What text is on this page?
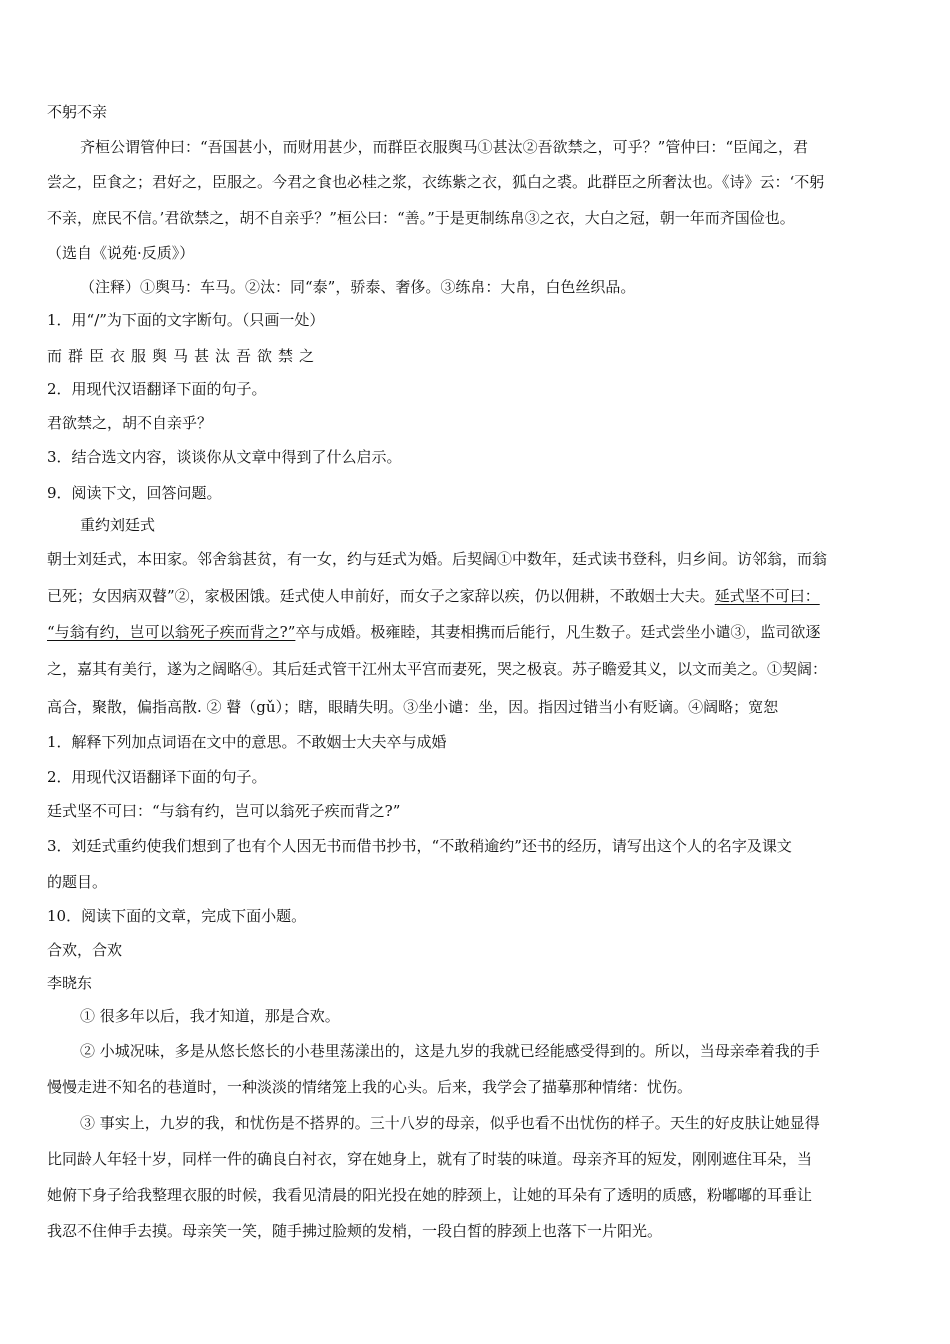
不躬不亲
齐桓公谓管仲曰：“吾国甚小，而财用甚少，而群臣衣服舆马①甚汰②吾欲禁之，可乎？”管仲曰：“臣闻之，君
尝之，臣食之；君好之，臣服之。今君之食也必桂之浆，衣练紫之衣，狐白之裘。此群臣之所奢汰也。《诗》云：‘不躬
不亲，庶民不信。’君欲禁之，胡不自亲乎？”桓公曰：“善。”于是更制练帛③之衣，大白之冠，朝一年而齐国俭也。
（选自《说苑·反质》）
（注释）①舆马：车马。②汰：同“泰”，骄泰、奢侈。③练帛：大帛，白色丝织品。
1．用“/”为下面的文字断句。（只画一处）
而群臣衣服舆马甚汰吾欲禁之
2．用现代汉语翻译下面的句子。
君欲禁之，胡不自亲乎？
3．结合选文内容，谈谈你从文章中得到了什么启示。
9．阅读下文，回答问题。
重约刘廷式
朝士刘廷式，本田家。邻舍翁甚贫，有一女，约与廷式为婚。后契阔①中数年，廷式读书登科，归乡间。访邻翁，而翁
已死；女因病双瞽”②，家极困饿。廷式使人申前好，而女子之家辞以疾，仍以佣耕，不敢姻士大夫。延式坚不可曰：
“与翁有约，岂可以翁死子疾而背之?”卒与成婚。极雍睦，其妻相携而后能行，凡生数子。廷式尝坐小谴③，监司欲逐
之，嘉其有美行，遂为之阔略④。其后廷式管干江州太平宫而妻死，哭之极哀。苏子瞻爱其义，以文而美之。①契阔：
高合，聚散，偏指高散. ② 瞽（gǔ）；瞎，眼睛失明。③坐小谴：坐，因。指因过错当小有贬谪。④阔略；宽恕
1．解释下列加点词语在文中的意思。不敢姻士大夫卒与成婚
2．用现代汉语翻译下面的句子。
廷式坚不可曰：“与翁有约，岂可以翁死子疾而背之?”
3．刘廷式重约使我们想到了也有个人因无书而借书抄书，“不敢稍逾约”还书的经历，请写出这个人的名字及课文
的题目。
10．阅读下面的文章，完成下面小题。
合欢，合欢
李晓东
① 很多年以后，我才知道，那是合欢。
② 小城况味，多是从悠长悠长的小巷里荡漾出的，这是九岁的我就已经能感受得到的。所以，当母亲牵着我的手
慢慢走进不知名的巷道时，一种淡淡的情绪笼上我的心头。后来，我学会了描摹那种情绪：忧伤。
③ 事实上，九岁的我，和忧伤是不搭界的。三十八岁的母亲，似乎也看不出忧伤的样子。天生的好皮肤让她显得
比同龄人年轻十岁，同样一件的确良白衬衣，穿在她身上，就有了时装的味道。母亲齐耳的短发，刚刚遮住耳朵，当
她俯下身子给我整理衣服的时候，我看见清晨的阳光投在她的脖颈上，让她的耳朵有了透明的质感，粉嘟嘟的耳垂让
我忍不住伸手去摸。母亲笑一笑，随手拂过脸颊的发梢，一段白皙的脖颈上也落下一片阳光。
